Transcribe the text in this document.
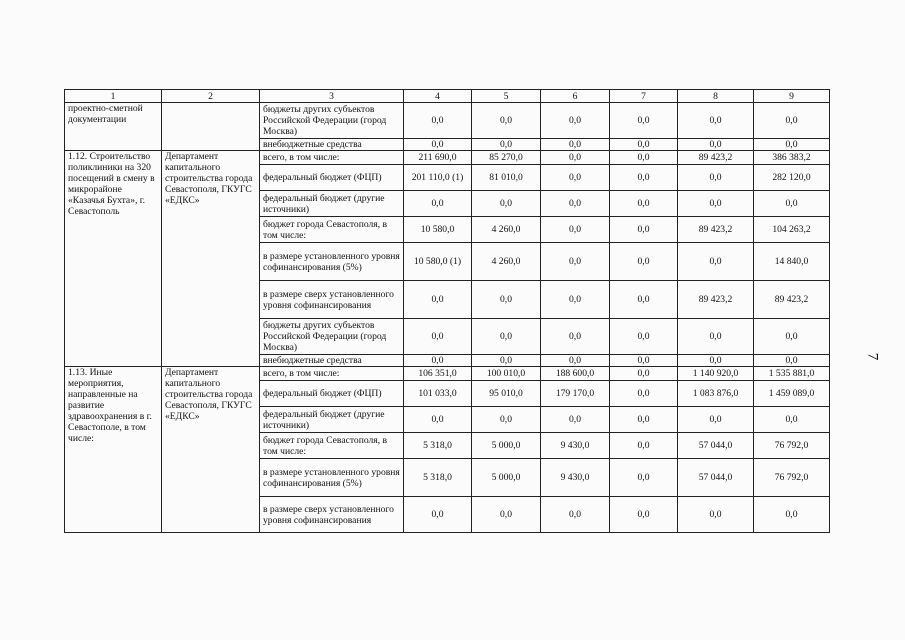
1	2	3	4	5	6	7	8	9
проектно-сметной документации		бюджеты других субъектов Российской Федерации (город Москва)	0,0	0,0	0,0	0,0	0,0	0,0
		внебюджетные средства	0,0	0,0	0,0	0,0	0,0	0,0
1.12. Строительство поликлиники на 320 посещений в смену в микрорайоне «Казачья Бухта», г. Севастополь	Департамент капитального строительства города Севастополя, ГКУГС «ЕДКС»	всего, в том числе:	211 690,0	85 270,0	0,0	0,0	89 423,2	386 383,2
		федеральный бюджет (ФЦП)	201 110,0 (1)	81 010,0	0,0	0,0	0,0	282 120,0
		федеральный бюджет (другие источники)	0,0	0,0	0,0	0,0	0,0	0,0
		бюджет города Севастополя, в том числе:	10 580,0	4 260,0	0,0	0,0	89 423,2	104 263,2
		в размере установленного уровня софинансирования (5%)	10 580,0 (1)	4 260,0	0,0	0,0	0,0	14 840,0
		в размере сверх установленного уровня софинансирования	0,0	0,0	0,0	0,0	89 423,2	89 423,2
		бюджеты других субъектов Российской Федерации (город Москва)	0,0	0,0	0,0	0,0	0,0	0,0
		внебюджетные средства	0,0	0,0	0,0	0,0	0,0	0,0
1.13. Иные мероприятия, направленные на развитие здравоохранения в г. Севастополе, в том числе:	Департамент капитального строительства города Севастополя, ГКУГС «ЕДКС»	всего, в том числе:	106 351,0	100 010,0	188 600,0	0,0	1 140 920,0	1 535 881,0
		федеральный бюджет (ФЦП)	101 033,0	95 010,0	179 170,0	0,0	1 083 876,0	1 459 089,0
		федеральный бюджет (другие источники)	0,0	0,0	0,0	0,0	0,0	0,0
		бюджет города Севастополя, в том числе:	5 318,0	5 000,0	9 430,0	0,0	57 044,0	76 792,0
		в размере установленного уровня софинансирования (5%)	5 318,0	5 000,0	9 430,0	0,0	57 044,0	76 792,0
		в размере сверх установленного уровня софинансирования	0,0	0,0	0,0	0,0	0,0	0,0
7
